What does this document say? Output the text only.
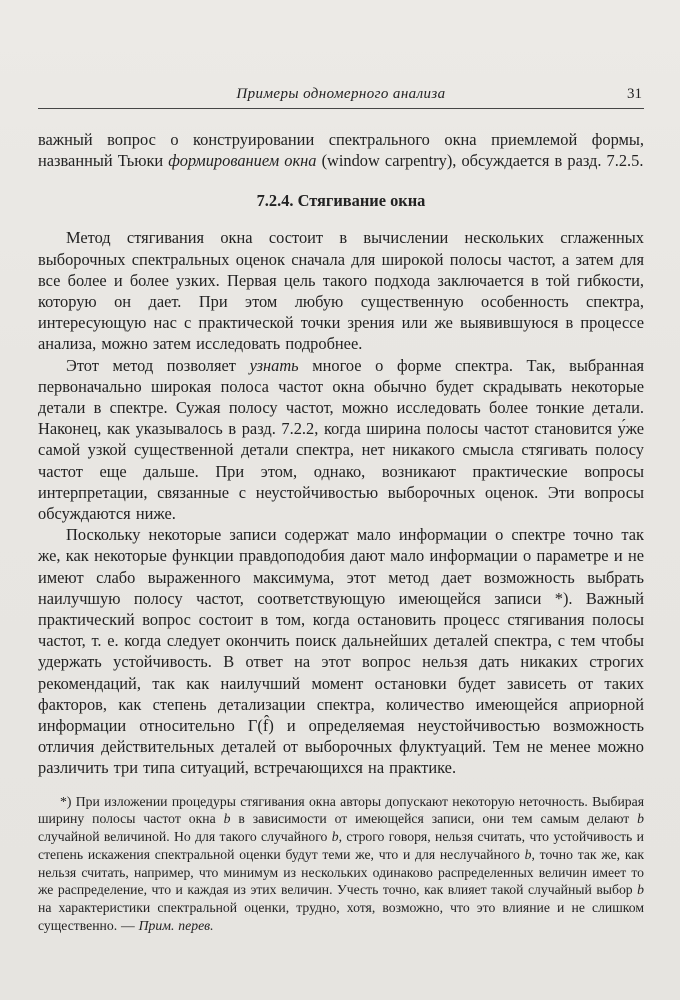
Примеры одномерного анализа	31

важный вопрос о конструировании спектрального окна приемлемой формы, названный Тьюки формированием окна (window carpentry), обсуждается в разд. 7.2.5.

7.2.4. Стягивание окна

Метод стягивания окна состоит в вычислении нескольких сглаженных выборочных спектральных оценок сначала для широкой полосы частот, а затем для все более и более узких. Первая цель такого подхода заключается в той гибкости, которую он дает. При этом любую существенную особенность спектра, интересующую нас с практической точки зрения или же выявившуюся в процессе анализа, можно затем исследовать подробнее.

Этот метод позволяет узнать многое о форме спектра. Так, выбранная первоначально широкая полоса частот окна обычно будет скрадывать некоторые детали в спектре. Сужая полосу частот, можно исследовать более тонкие детали. Наконец, как указывалось в разд. 7.2.2, когда ширина полосы частот становится у́же самой узкой существенной детали спектра, нет никакого смысла стягивать полосу частот еще дальше. При этом, однако, возникают практические вопросы интерпретации, связанные с неустойчивостью выборочных оценок. Эти вопросы обсуждаются ниже.

Поскольку некоторые записи содержат мало информации о спектре точно так же, как некоторые функции правдоподобия дают мало информации о параметре и не имеют слабо выраженного максимума, этот метод дает возможность выбрать наилучшую полосу частот, соответствующую имеющейся записи *). Важный практический вопрос состоит в том, когда остановить процесс стягивания полосы частот, т. е. когда следует окончить поиск дальнейших деталей спектра, с тем чтобы удержать устойчивость. В ответ на этот вопрос нельзя дать никаких строгих рекомендаций, так как наилучший момент остановки будет зависеть от таких факторов, как степень детализации спектра, количество имеющейся априорной информации относительно Г(f̂) и определяемая неустойчивостью возможность отличия действительных деталей от выборочных флуктуаций. Тем не менее можно различить три типа ситуаций, встречающихся на практике.

*) При изложении процедуры стягивания окна авторы допускают некоторую неточность. Выбирая ширину полосы частот окна b в зависимости от имеющейся записи, они тем самым делают b случайной величиной. Но для такого случайного b, строго говоря, нельзя считать, что устойчивость и степень искажения спектральной оценки будут теми же, что и для неслучайного b, точно так же, как нельзя считать, например, что минимум из нескольких одинаково распределенных величин имеет то же распределение, что и каждая из этих величин. Учесть точно, как влияет такой случайный выбор b на характеристики спектральной оценки, трудно, хотя, возможно, что это влияние и не слишком существенно. — Прим. перев.
